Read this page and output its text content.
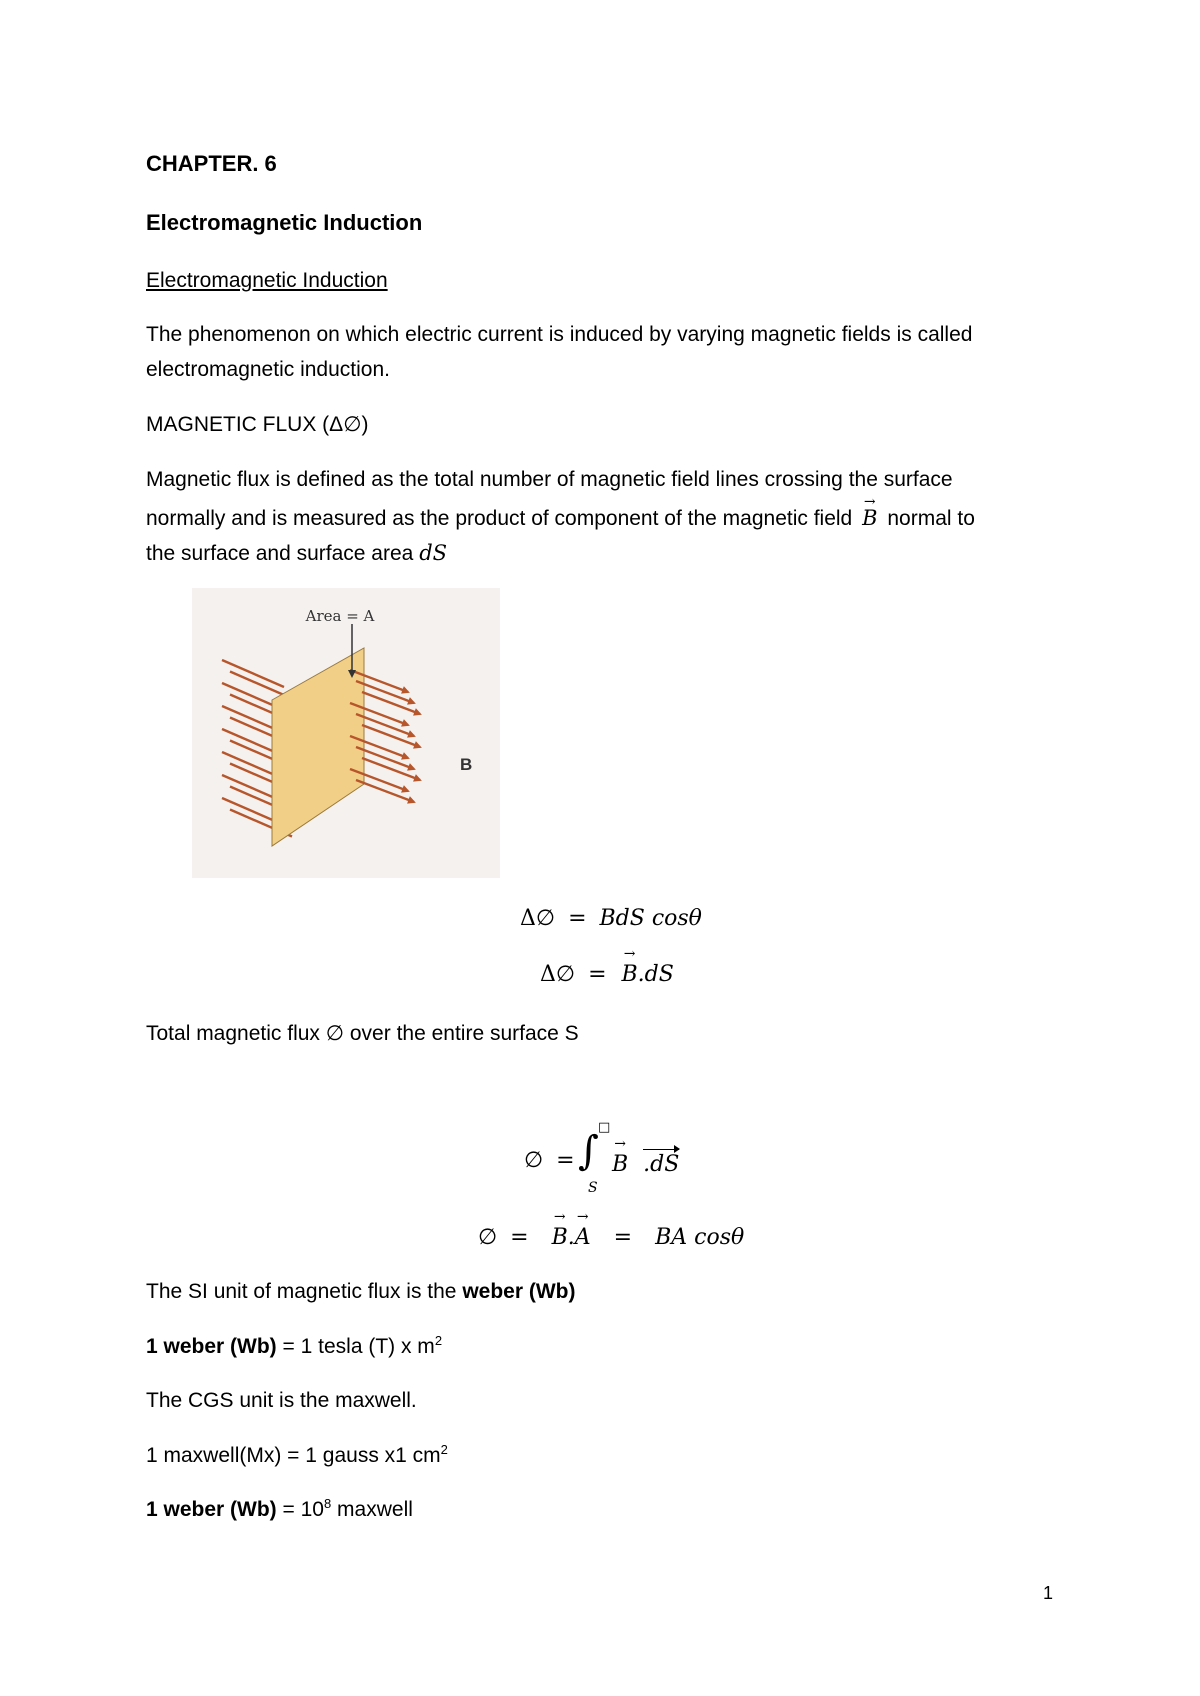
CHAPTER. 6
Electromagnetic Induction
Electromagnetic Induction
The phenomenon on which electric current is induced by varying magnetic fields is called
electromagnetic induction.
MAGNETIC FLUX (Δ∅)
Magnetic flux is defined as the total number of magnetic field lines crossing the surface
normally and is measured as the product of component of the magnetic field → B normal to
the surface and surface area dS
Area = A
B
Δ∅ = BdS cosθ
Δ∅ = → B.dS
Total magnetic flux ∅ over the entire surface S
∅ = ∫
S
□
→ B .dS
∅ = → B.→ A = BA cosθ
The SI unit of magnetic flux is the weber (Wb)
1 weber (Wb) = 1 tesla (T) x $m^2$
The CGS unit is the maxwell.
1 maxwell(Mx) = 1 gauss x1 $cm^2$
1 weber $(Wb) = 10^8$ maxwell
1
